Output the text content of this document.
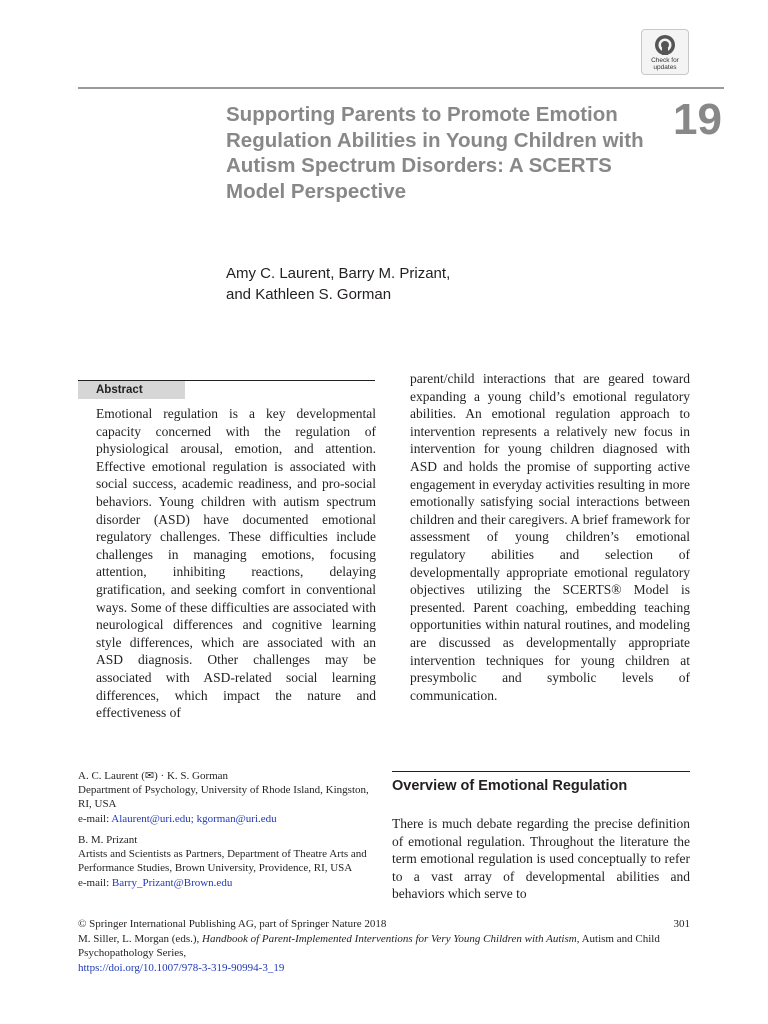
Check for
updates
Supporting Parents to Promote Emotion Regulation Abilities in Young Children with Autism Spectrum Disorders: A SCERTS Model Perspective
19
Amy C. Laurent, Barry M. Prizant,
and Kathleen S. Gorman
Abstract
Emotional regulation is a key developmental capacity concerned with the regulation of physiological arousal, emotion, and attention. Effective emotional regulation is associated with social success, academic readiness, and pro-social behaviors. Young children with autism spectrum disorder (ASD) have documented emotional regulatory challenges. These difficulties include challenges in managing emotions, focusing attention, inhibiting reactions, delaying gratification, and seeking comfort in conventional ways. Some of these difficulties are associated with neurological differences and cognitive learning style differences, which are associated with an ASD diagnosis. Other challenges may be associated with ASD-related social learning differences, which impact the nature and effectiveness of
parent/child interactions that are geared toward expanding a young child’s emotional regulatory abilities. An emotional regulation approach to intervention represents a relatively new focus in intervention for young children diagnosed with ASD and holds the promise of supporting active engagement in everyday activities resulting in more emotionally satisfying social interactions between children and their caregivers. A brief framework for assessment of young children’s emotional regulatory abilities and selection of developmentally appropriate emotional regulatory objectives utilizing the SCERTS® Model is presented. Parent coaching, embedding teaching opportunities within natural routines, and modeling are discussed as developmentally appropriate intervention techniques for young children at presymbolic and symbolic levels of communication.
Overview of Emotional Regulation
There is much debate regarding the precise definition of emotional regulation. Throughout the literature the term emotional regulation is used conceptually to refer to a vast array of developmental abilities and behaviors which serve to
A. C. Laurent (✉) · K. S. Gorman
Department of Psychology, University of Rhode Island, Kingston, RI, USA
e-mail: Alaurent@uri.edu; kgorman@uri.edu
B. M. Prizant
Artists and Scientists as Partners, Department of Theatre Arts and Performance Studies, Brown University, Providence, RI, USA
e-mail: Barry_Prizant@Brown.edu
© Springer International Publishing AG, part of Springer Nature 2018	301
M. Siller, L. Morgan (eds.), Handbook of Parent-Implemented Interventions for Very Young Children with Autism, Autism and Child Psychopathology Series,
https://doi.org/10.1007/978-3-319-90994-3_19
